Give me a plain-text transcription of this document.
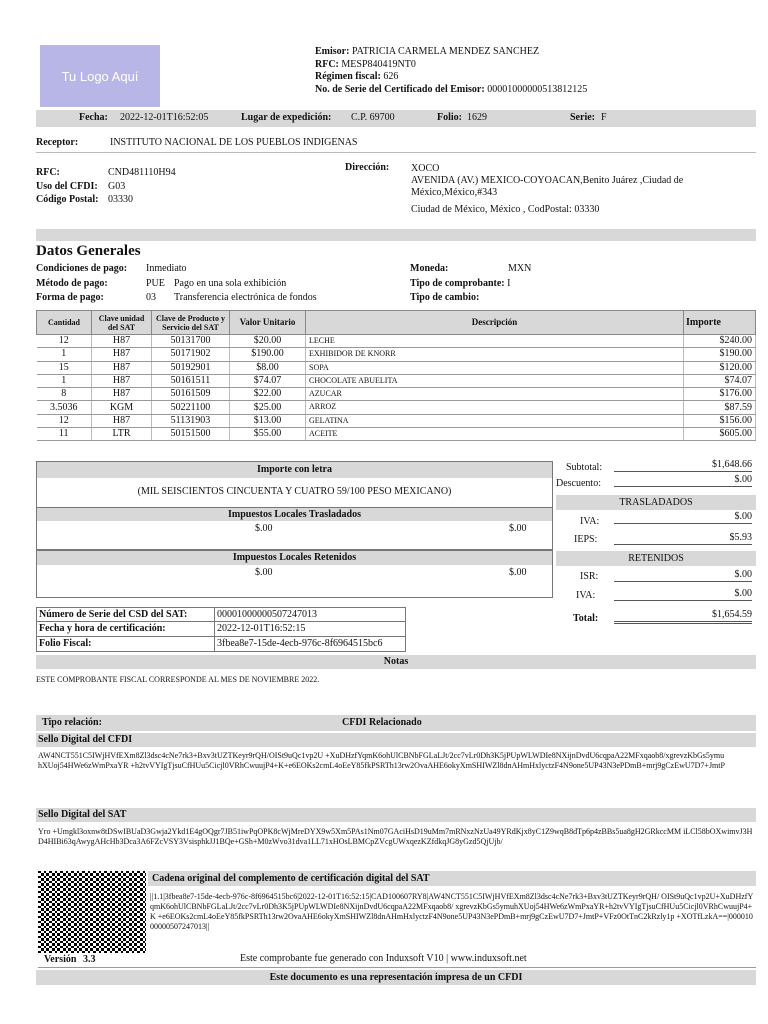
Tu Logo Aquí
Emisor: PATRICIA CARMELA MENDEZ SANCHEZ
RFC: MESP840419NT0
Régimen fiscal: 626
No. de Serie del Certificado del Emisor: 00001000000513812125
Fecha: 2022-12-01T16:52:05	Lugar de expedición: C.P. 69700	Folio: 1629	Serie: F
Receptor:	INSTITUTO NACIONAL DE LOS PUEBLOS INDIGENAS
RFC:	CND481110H94
Uso del CFDI: G03
Código Postal: 03330
Dirección: XOCO
AVENIDA (AV.) MEXICO-COYOACAN,Benito Juárez ,Ciudad de
México,México,#343
Ciudad de México, México , CodPostal: 03330
Datos Generales
Condiciones de pago: Inmediato
Método de pago:	PUE Pago en una sola exhibición
Forma de pago:	03 Transferencia electrónica de fondos
Moneda:	MXN
Tipo de comprobante: I
Tipo de cambio:
Cantidad	Clave unidad del SAT	Clave de Producto y Servicio del SAT	Valor Unitario	Descripción	Importe
12	H87	50131700	$20.00	LECHE	$240.00
1	H87	50171902	$190.00	EXHIBIDOR DE KNORR	$190.00
15	H87	50192901	$8.00	SOPA	$120.00
1	H87	50161511	$74.07	CHOCOLATE ABUELITA	$74.07
8	H87	50161509	$22.00	AZUCAR	$176.00
3.5036	KGM	50221100	$25.00	ARROZ	$87.59
12	H87	51131903	$13.00	GELATINA	$156.00
11	LTR	50151500	$55.00	ACEITE	$605.00
Importe con letra
(MIL SEISCIENTOS CINCUENTA Y CUATRO 59/100 PESO MEXICANO)
Impuestos Locales Trasladados
$.00	$.00
Impuestos Locales Retenidos
$.00	$.00
Subtotal:	$1,648.66
Descuento:	$.00
TRASLADADOS
IVA:	$.00
IEPS:	$5.93
RETENIDOS
ISR:	$.00
IVA:	$.00
Total:	$1,654.59
Número de Serie del CSD del SAT:	00001000000507247013
Fecha y hora de certificación:	2022-12-01T16:52:15
Folio Fiscal:	3fbea8e7-15de-4ecb-976c-8f6964515bc6
Notas
ESTE COMPROBANTE FISCAL CORRESPONDE AL MES DE NOVIEMBRE 2022.
Tipo relación:	CFDI Relacionado
Sello Digital del CFDI
AW4NCT551C5IWjHVfEXm8Zl3dsc4cNe7rk3+Bxv3tUZTKeyr9rQH/OISt9uQc1vp2U +XuDHzfYqmK6ohUlCBNbFGLaLJt/2cc7vLr0Dh3K5jPUpWLWDIe8NXijnDvdU6cqpaA22MFxqaob8/xgrevzKbGs5ymuhXUoj54HWe6zWmPxaYR +h2tvVYIgTjsuCfHUu5Cicjl0VRhCwuujP4+K+e6EOKs2cmL4oEeY85fkPSRTh13rw2OvaAHE6okyXmSHIWZl8dnAHmHxlyctzF4N9one5UP43N3ePDmB+mrj9gCzEwU7D7+JmtP
Sello Digital del SAT
Yro +Umgkl3oxnw8tDSwIBUaD3Gwja2Ykd1E4gOQgr7JB51iwPqOPK8cWjMreDYX9w5Xm5PAs1Nm07GAciHsD19uMm7mRNxzNzUa49YRdKjx8yC1Z9wqB8dTp6p4zBBs5ua8gH2GRkccMM iLCl58bOXwimvJ3HD4HIBi63qAwygAHcHb3Dca3A6FZcVSY3VsisphkJJ1BQe+GSh+M0zWvo31dva1LL71xHOsLBMCpZVcgUWxqezKZfdkqJG8yGzd5QjUjb/
Cadena original del complemento de certificación digital del SAT
||1.1|3fbea8e7-15de-4ecb-976c-8f6964515bc6|2022-12-01T16:52:15|CAD100607RY8|AW4NCT551C5IWjHVfEXm8Zl3dsc4cNe7rk3+Bxv3tUZTKeyr9rQH/ OISt9uQc1vp2U+XuDHzfYqmK6ohUlCBNbFGLaLJt/2cc7vLr0Dh3K5jPUpWLWDIe8NXijnDvdU6cqpaA22MFxqaob8/ xgrevzKbGs5ymuhXUoj54HWe6zWmPxaYR+h2tvVYIgTjsuCfHUu5Cicjl0VRhCwuujP4+K +e6EOKs2cmL4oEeY85fkPSRTh13rw2OvaAHE6okyXmSHIWZl8dnAHmHxlyctzF4N9one5UP43N3ePDmB+mrj9gCzEwU7D7+JmtP+VFz0OtTnC2kRzly1p +XOTfLzkA==|00001000000507247013||
Versión 3.3	Este comprobante fue generado con Induxsoft V10 | www.induxsoft.net
Este documento es una representación impresa de un CFDI
